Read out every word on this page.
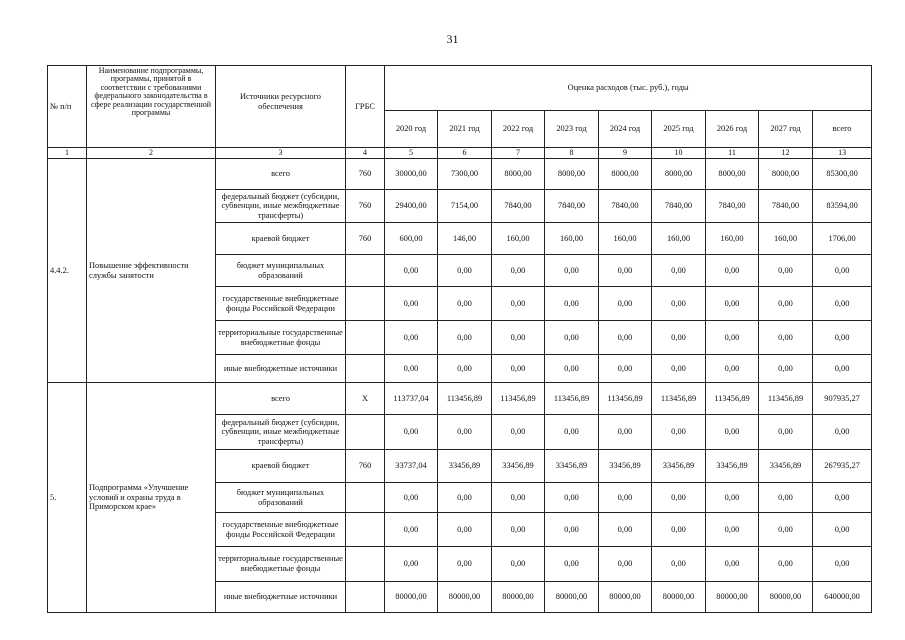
31
№ п/п	Наименование подпрограммы, программы, принятой в соответствии с требованиями федерального законодательства в сфере реализации государственной программы	Источники ресурсного обеспечения	ГРБС	Оценка расходов (тыс. руб.), годы								
				2020 год	2021 год	2022 год	2023 год	2024 год	2025 год	2026 год	2027 год	всего
1	2	3	4	5	6	7	8	9	10	11	12	13
4.4.2.	Повышение эффективности службы занятости	всего	760	30000,00	7300,00	8000,00	8000,00	8000,00	8000,00	8000,00	8000,00	85300,00
		федеральный бюджет (субсидии, субвенции, иные межбюджетные трансферты)	760	29400,00	7154,00	7840,00	7840,00	7840,00	7840,00	7840,00	7840,00	83594,00
		краевой бюджет	760	600,00	146,00	160,00	160,00	160,00	160,00	160,00	160,00	1706,00
		бюджет муниципальных образований		0,00	0,00	0,00	0,00	0,00	0,00	0,00	0,00	0,00
		государственные внебюджетные фонды Российской Федерации		0,00	0,00	0,00	0,00	0,00	0,00	0,00	0,00	0,00
		территориальные государственные внебюджетные фонды		0,00	0,00	0,00	0,00	0,00	0,00	0,00	0,00	0,00
		иные внебюджетные источники		0,00	0,00	0,00	0,00	0,00	0,00	0,00	0,00	0,00
5.	Подпрограмма «Улучшение условий и охраны труда в Приморском крае»	всего	X	113737,04	113456,89	113456,89	113456,89	113456,89	113456,89	113456,89	113456,89	907935,27
		федеральный бюджет (субсидии, субвенции, иные межбюджетные трансферты)		0,00	0,00	0,00	0,00	0,00	0,00	0,00	0,00	0,00
		краевой бюджет	760	33737,04	33456,89	33456,89	33456,89	33456,89	33456,89	33456,89	33456,89	267935,27
		бюджет муниципальных образований		0,00	0,00	0,00	0,00	0,00	0,00	0,00	0,00	0,00
		государственные внебюджетные фонды Российской Федерации		0,00	0,00	0,00	0,00	0,00	0,00	0,00	0,00	0,00
		территориальные государственные внебюджетные фонды		0,00	0,00	0,00	0,00	0,00	0,00	0,00	0,00	0,00
		иные внебюджетные источники		80000,00	80000,00	80000,00	80000,00	80000,00	80000,00	80000,00	80000,00	640000,00
